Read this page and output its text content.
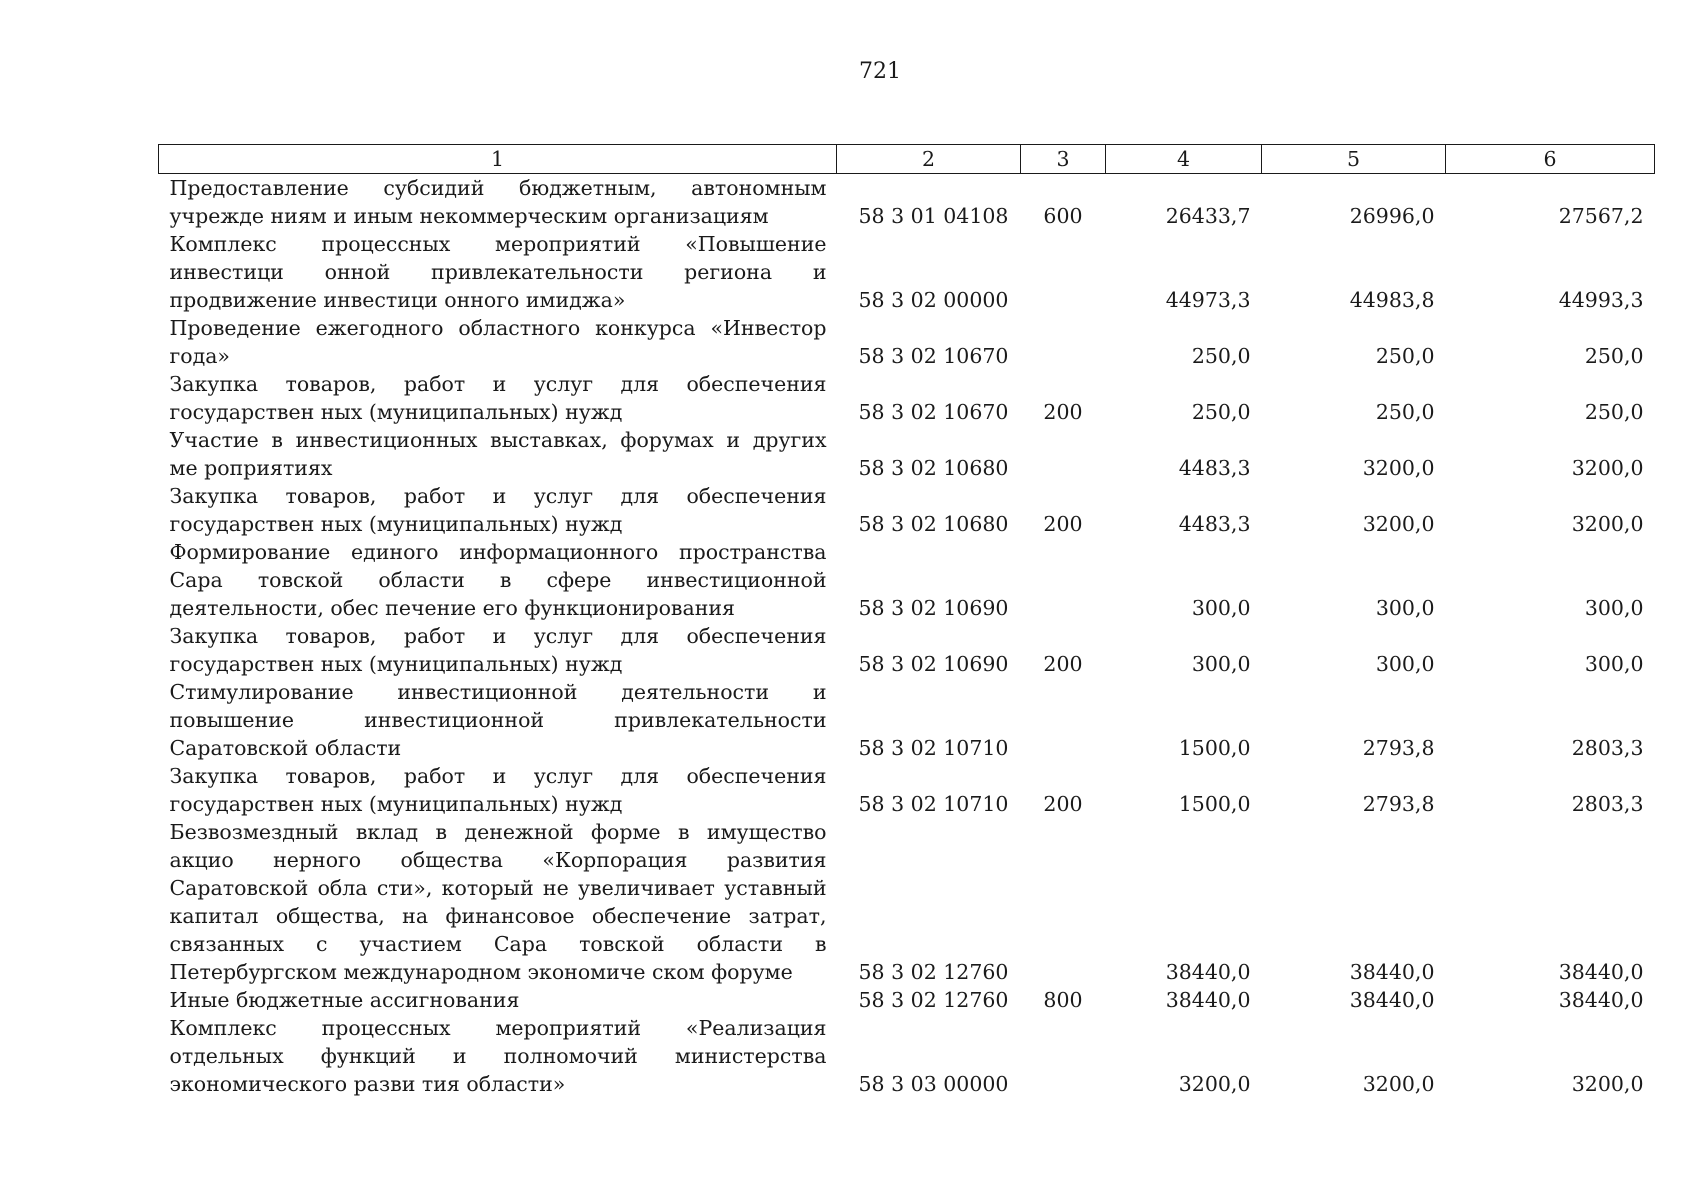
721
1	2	3	4	5	6
Предоставление субсидий бюджетным, автономным учрежде ниям и иным некоммерческим организациям	58 3 01 04108	600	26433,7	26996,0	27567,2
Комплекс процессных мероприятий «Повышение инвестици онной привлекательности региона и продвижение инвестици онного имиджа»	58 3 02 00000		44973,3	44983,8	44993,3
Проведение ежегодного областного конкурса «Инвестор года»	58 3 02 10670		250,0	250,0	250,0
Закупка товаров, работ и услуг для обеспечения государствен ных (муниципальных) нужд	58 3 02 10670	200	250,0	250,0	250,0
Участие в инвестиционных выставках, форумах и других ме роприятиях	58 3 02 10680		4483,3	3200,0	3200,0
Закупка товаров, работ и услуг для обеспечения государствен ных (муниципальных) нужд	58 3 02 10680	200	4483,3	3200,0	3200,0
Формирование единого информационного пространства Сара товской области в сфере инвестиционной деятельности, обес печение его функционирования	58 3 02 10690		300,0	300,0	300,0
Закупка товаров, работ и услуг для обеспечения государствен ных (муниципальных) нужд	58 3 02 10690	200	300,0	300,0	300,0
Стимулирование инвестиционной деятельности и повышение инвестиционной привлекательности Саратовской области	58 3 02 10710		1500,0	2793,8	2803,3
Закупка товаров, работ и услуг для обеспечения государствен ных (муниципальных) нужд	58 3 02 10710	200	1500,0	2793,8	2803,3
Безвозмездный вклад в денежной форме в имущество акцио нерного общества «Корпорация развития Саратовской обла сти», который не увеличивает уставный капитал общества, на финансовое обеспечение затрат, связанных с участием Сара товской области в Петербургском международном экономиче ском форуме	58 3 02 12760		38440,0	38440,0	38440,0
Иные бюджетные ассигнования	58 3 02 12760	800	38440,0	38440,0	38440,0
Комплекс процессных мероприятий «Реализация отдельных функций и полномочий министерства экономического разви тия области»	58 3 03 00000		3200,0	3200,0	3200,0
